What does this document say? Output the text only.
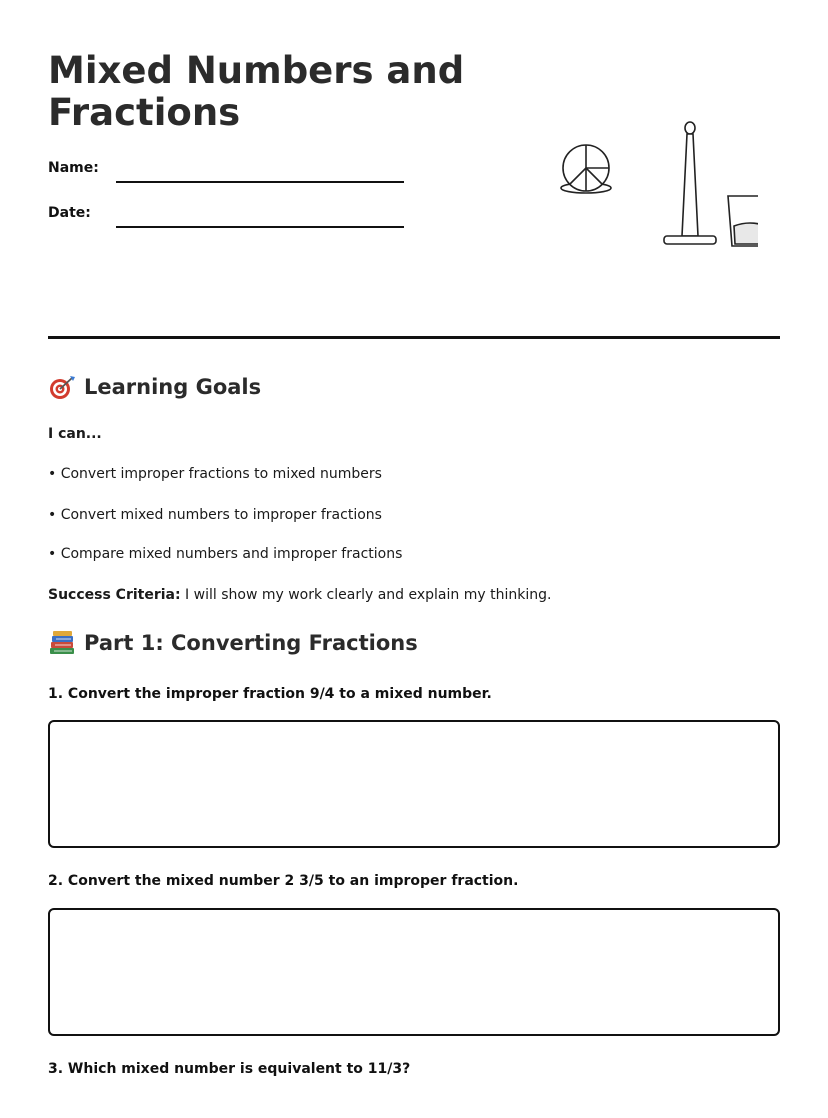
Mixed Numbers and Fractions
Name:
Date:
Learning Goals
I can...
• Convert improper fractions to mixed numbers
• Convert mixed numbers to improper fractions
• Compare mixed numbers and improper fractions
Success Criteria: I will show my work clearly and explain my thinking.
Part 1: Converting Fractions
1. Convert the improper fraction 9/4 to a mixed number.
2. Convert the mixed number 2 3/5 to an improper fraction.
3. Which mixed number is equivalent to 11/3?
